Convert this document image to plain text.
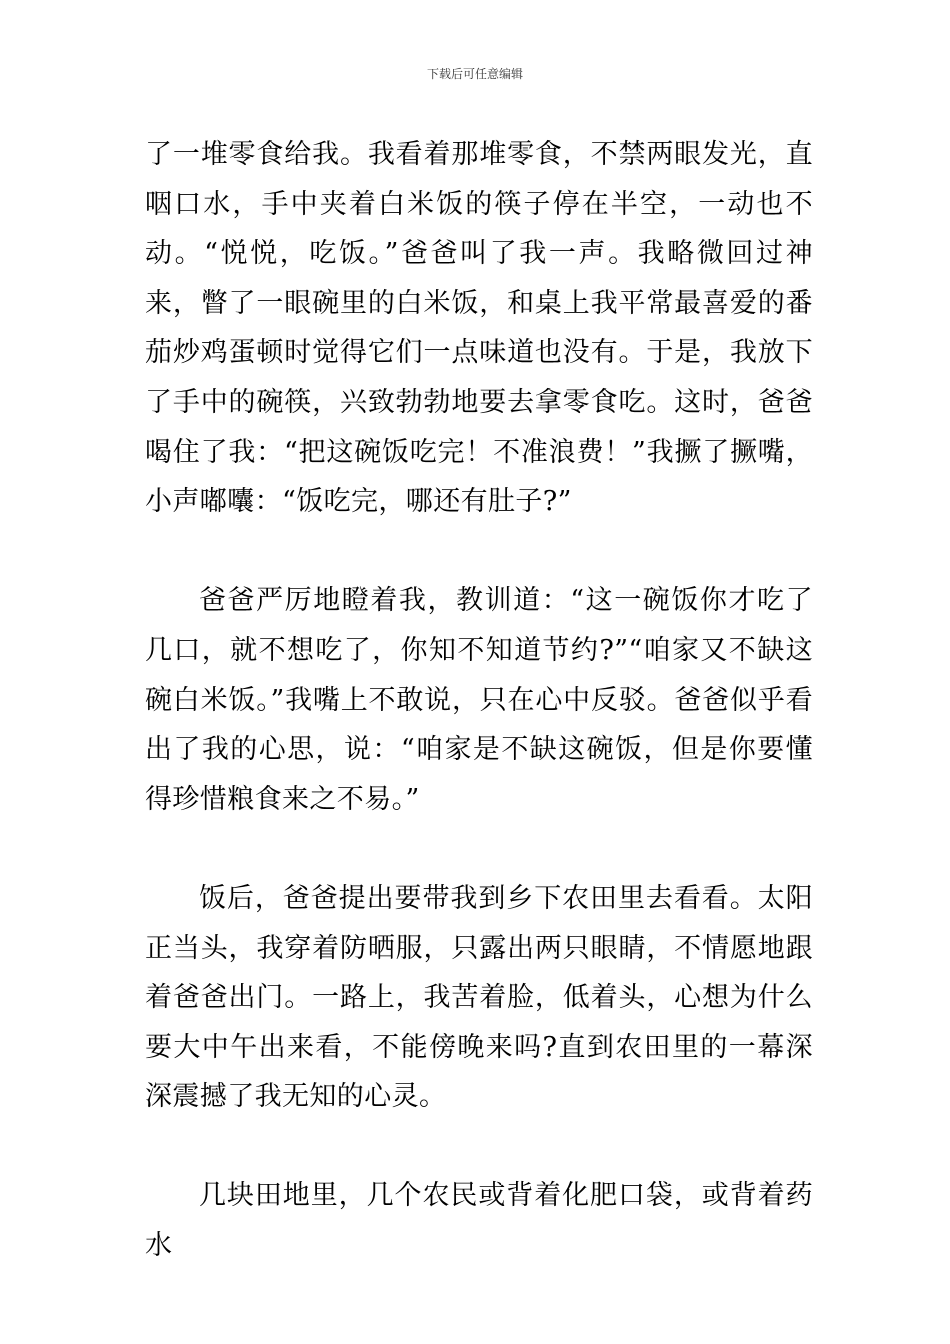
下载后可任意编辑

了一堆零食给我。我看着那堆零食，不禁两眼发光，直咽口水，手中夹着白米饭的筷子停在半空，一动也不动。“悦悦，吃饭。”爸爸叫了我一声。我略微回过神来，瞥了一眼碗里的白米饭，和桌上我平常最喜爱的番茄炒鸡蛋顿时觉得它们一点味道也没有。于是，我放下了手中的碗筷，兴致勃勃地要去拿零食吃。这时，爸爸喝住了我：“把这碗饭吃完！不准浪费！”我撅了撅嘴，小声嘟囔：“饭吃完，哪还有肚子?”

爸爸严厉地瞪着我，教训道：“这一碗饭你才吃了几口，就不想吃了，你知不知道节约?”“咱家又不缺这碗白米饭。”我嘴上不敢说，只在心中反驳。爸爸似乎看出了我的心思，说：“咱家是不缺这碗饭，但是你要懂得珍惜粮食来之不易。”

饭后，爸爸提出要带我到乡下农田里去看看。太阳正当头，我穿着防晒服，只露出两只眼睛，不情愿地跟着爸爸出门。一路上，我苦着脸，低着头，心想为什么要大中午出来看，不能傍晚来吗?直到农田里的一幕深深震撼了我无知的心灵。

几块田地里，几个农民或背着化肥口袋，或背着药水
